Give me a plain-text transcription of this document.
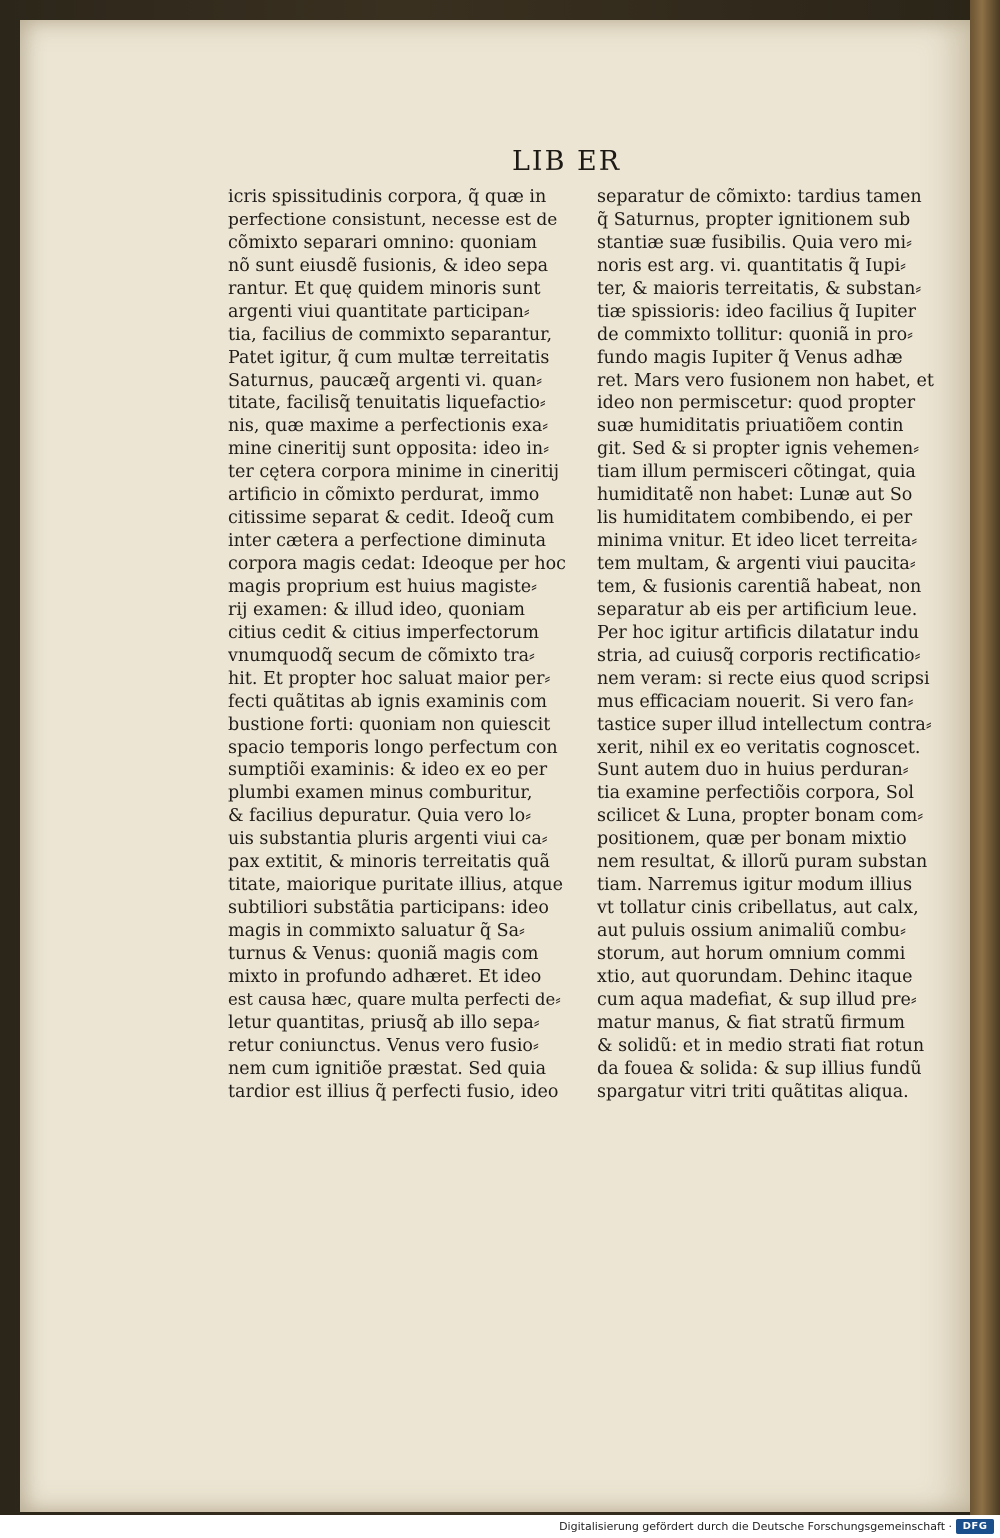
LIB ER
icris spissitudinis corpora, q̃ quæ in
perfectione consistunt, necesse est de
cõmixto separari omnino: quoniam
nõ sunt eiusdẽ fusionis, & ideo sepa
rantur. Et quę quidem minoris sunt
argenti viui quantitate participan⸗
tia, facilius de commixto separantur,
Patet igitur, q̃ cum multæ terreitatis
Saturnus, paucæq̃ argenti vi. quan⸗
titate, facilisq̃ tenuitatis liquefactio⸗
nis, quæ maxime a perfectionis exa⸗
mine cineritij sunt opposita: ideo in⸗
ter cętera corpora minime in cineritij
artificio in cõmixto perdurat, immo
citissime separat & cedit. Ideoq̃ cum
inter cætera a perfectione diminuta
corpora magis cedat: Ideoque per hoc
magis proprium est huius magiste⸗
rij examen: & illud ideo, quoniam
citius cedit & citius imperfectorum
vnumquodq̃ secum de cõmixto tra⸗
hit. Et propter hoc saluat maior per⸗
fecti quãtitas ab ignis examinis com
bustione forti: quoniam non quiescit
spacio temporis longo perfectum con
sumptiõi examinis: & ideo ex eo per
plumbi examen minus comburitur,
& facilius depuratur. Quia vero lo⸗
uis substantia pluris argenti viui ca⸗
pax extitit, & minoris terreitatis quã
titate, maiorique puritate illius, atque
subtiliori substãtia participans: ideo
magis in commixto saluatur q̃ Sa⸗
turnus & Venus: quoniã magis com
mixto in profundo adhæret. Et ideo
est causa hæc, quare multa perfecti de⸗
letur quantitas, priusq̃ ab illo sepa⸗
retur coniunctus. Venus vero fusio⸗
nem cum ignitiõe præstat. Sed quia
tardior est illius q̃ perfecti fusio, ideo
separatur de cõmixto: tardius tamen
q̃ Saturnus, propter ignitionem sub
stantiæ suæ fusibilis. Quia vero mi⸗
noris est arg. vi. quantitatis q̃ Iupi⸗
ter, & maioris terreitatis, & substan⸗
tiæ spissioris: ideo facilius q̃ Iupiter
de commixto tollitur: quoniã in pro⸗
fundo magis Iupiter q̃ Venus adhæ
ret. Mars vero fusionem non habet, et
ideo non permiscetur: quod propter
suæ humiditatis priuatiõem contin
git. Sed & si propter ignis vehemen⸗
tiam illum permisceri cõtingat, quia
humiditatẽ non habet: Lunæ aut So
lis humiditatem combibendo, ei per
minima vnitur. Et ideo licet terreita⸗
tem multam, & argenti viui paucita⸗
tem, & fusionis carentiã habeat, non
separatur ab eis per artificium leue.
Per hoc igitur artificis dilatatur indu
stria, ad cuiusq̃ corporis rectificatio⸗
nem veram: si recte eius quod scripsi
mus efficaciam nouerit. Si vero fan⸗
tastice super illud intellectum contra⸗
xerit, nihil ex eo veritatis cognoscet.
Sunt autem duo in huius perduran⸗
tia examine perfectiõis corpora, Sol
scilicet & Luna, propter bonam com⸗
positionem, quæ per bonam mixtio
nem resultat, & illorũ puram substan
tiam. Narremus igitur modum illius
vt tollatur cinis cribellatus, aut calx,
aut puluis ossium animaliũ combu⸗
storum, aut horum omnium commi
xtio, aut quorundam. Dehinc itaque
cum aqua madefiat, & sup illud pre⸗
matur manus, & fiat stratũ firmum
& solidũ: et in medio strati fiat rotun
da fouea & solida: & sup illius fundũ
spargatur vitri triti quãtitas aliqua.
Digitalisierung gefördert durch die Deutsche Forschungsgemeinschaft ·	DFG
